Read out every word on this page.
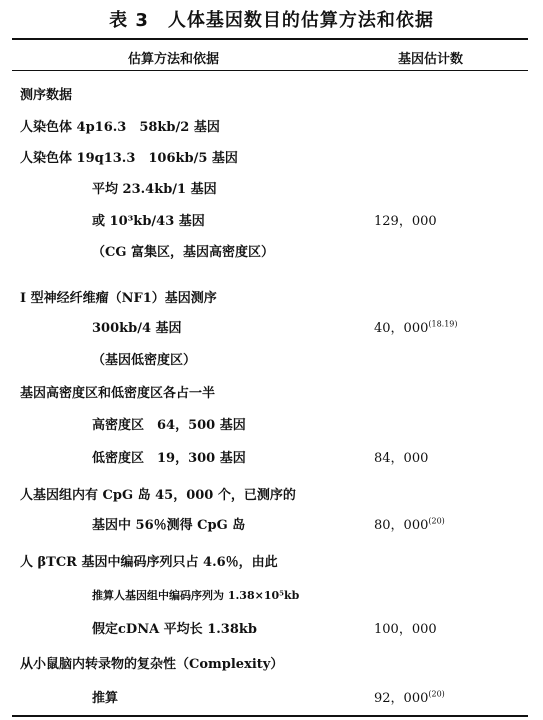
表 3　人体基因数目的估算方法和依据
估算方法和依据	基因估计数
测序数据
人染色体 4p16.3　58kb/2 基因
人染色体 19q13.3　106kb/5 基因
平均 23.4kb/1 基因
或 10³kb/43 基因	129，000
（CG 富集区，基因高密度区）
I 型神经纤维瘤（NF1）基因测序
300kb/4 基因	40，$000^{(18.19)}$
（基因低密度区）
基因高密度区和低密度区各占一半
高密度区　64，500 基因
低密度区　19，300 基因	84，000
人基因组内有 CpG 岛 45，000 个，已测序的
基因中 56％测得 CpG 岛	80，000$^{(20)}$
人 βTCR 基因中编码序列只占 4.6％，由此
推算人基因组中编码序列为 1.38×10⁵kb
假定cDNA 平均长 1.38kb	100，000
从小鼠脑内转录物的复杂性（Complexity）
推算	92，000$^{(20)}$
